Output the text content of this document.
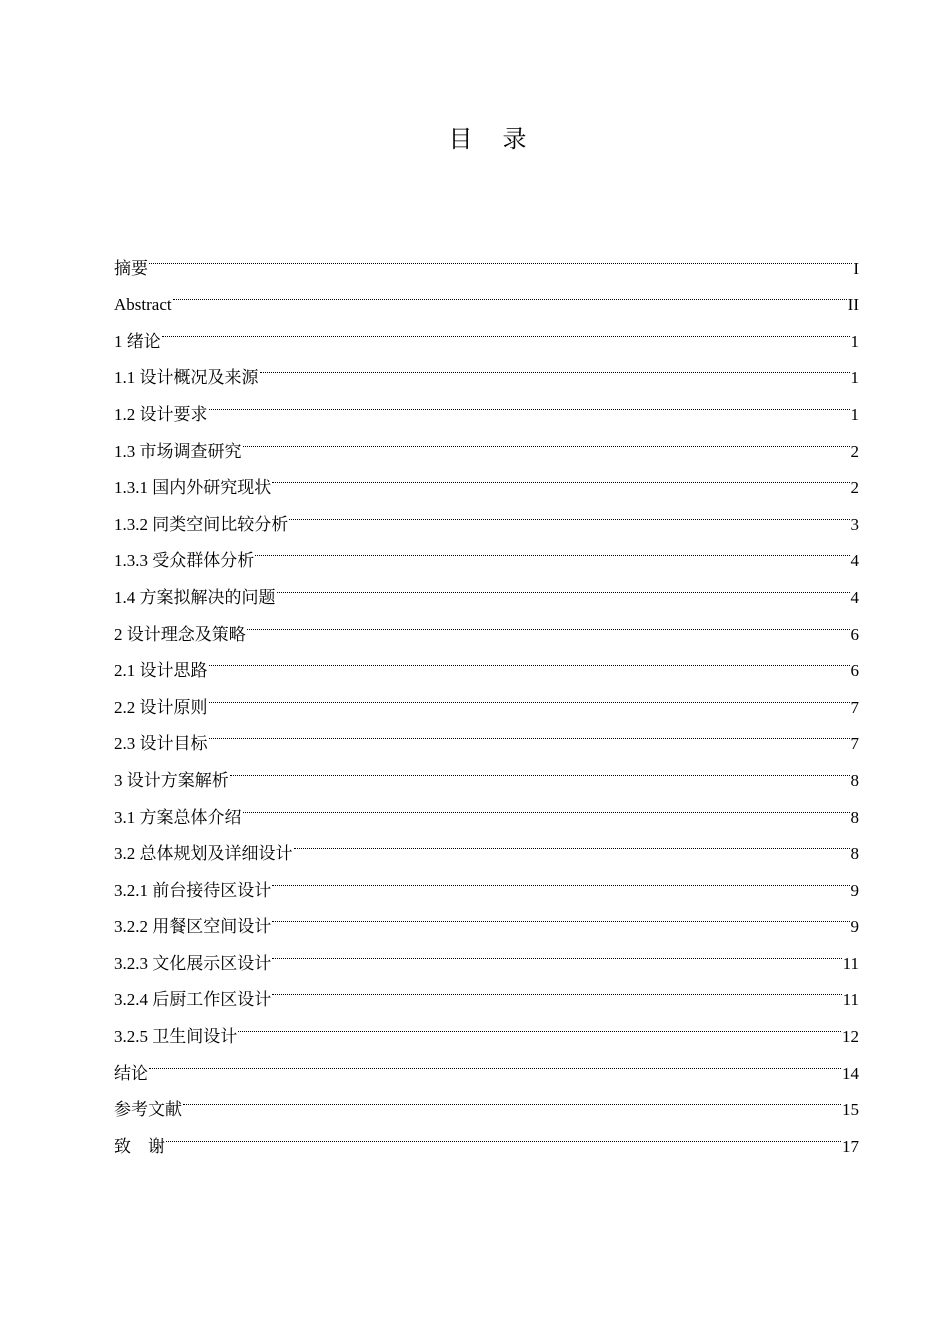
目 录
摘要	I
Abstract	II
1 绪论	1
1.1 设计概况及来源	1
1.2 设计要求	1
1.3 市场调查研究	2
1.3.1 国内外研究现状	2
1.3.2 同类空间比较分析	3
1.3.3 受众群体分析	4
1.4 方案拟解决的问题	4
2 设计理念及策略	6
2.1 设计思路	6
2.2 设计原则	7
2.3 设计目标	7
3 设计方案解析	8
3.1 方案总体介绍	8
3.2 总体规划及详细设计	8
3.2.1 前台接待区设计	9
3.2.2 用餐区空间设计	9
3.2.3 文化展示区设计	11
3.2.4 后厨工作区设计	11
3.2.5 卫生间设计	12
结论	14
参考文献	15
致    谢	17
